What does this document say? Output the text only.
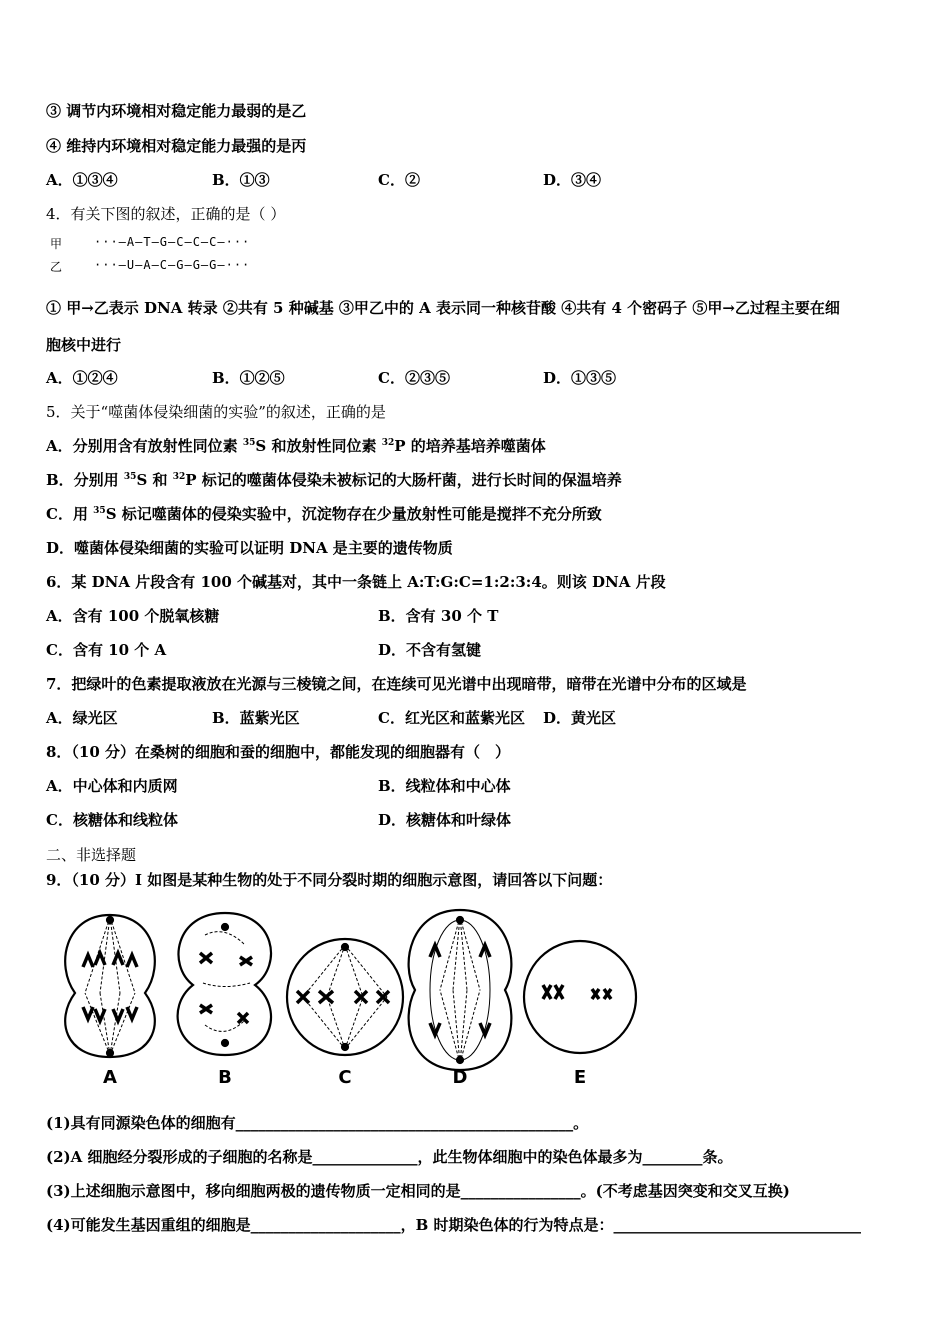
③ 调节内环境相对稳定能力最弱的是乙
④ 维持内环境相对稳定能力最强的是丙
A．①③④	B．①③	C．②	D．③④
4．有关下图的叙述，正确的是（ ）
甲	···—A—T—G—C—C—C—···
乙	···—U—A—C—G—G—G—···
① 甲→乙表示 DNA 转录 ②共有 5 种碱基 ③甲乙中的 A 表示同一种核苷酸 ④共有 4 个密码子 ⑤甲→乙过程主要在细
胞核中进行
A．①②④	B．①②⑤	C．②③⑤	D．①③⑤
5．关于“噬菌体侵染细菌的实验”的叙述，正确的是
A．分别用含有放射性同位素 $^{35}$S 和放射性同位素 $^{32}$P 的培养基培养噬菌体
B．分别用 $^{35}$S 和 $^{32}$P 标记的噬菌体侵染未被标记的大肠杆菌，进行长时间的保温培养
C．用 $^{35}$S 标记噬菌体的侵染实验中，沉淀物存在少量放射性可能是搅拌不充分所致
D．噬菌体侵染细菌的实验可以证明 DNA 是主要的遗传物质
6．某 DNA 片段含有 100 个碱基对，其中一条链上 A:T:G:C=1:2:3:4。则该 DNA 片段
A．含有 100 个脱氧核糖	B．含有 30 个 T
C．含有 10 个 A	D．不含有氢键
7．把绿叶的色素提取液放在光源与三棱镜之间，在连续可见光谱中出现暗带，暗带在光谱中分布的区域是
A．绿光区	B．蓝紫光区	C．红光区和蓝紫光区 D．黄光区
8．（10 分）在桑树的细胞和蚕的细胞中，都能发现的细胞器有（　）
A．中心体和内质网	B．线粒体和中心体
C．核糖体和线粒体	D．核糖体和叶绿体
二、非选择题
9．（10 分）I 如图是某种生物的处于不同分裂时期的细胞示意图，请回答以下问题：
A	B	C	D	E
(1)具有同源染色体的细胞有_____________________________________________。
(2)A 细胞经分裂形成的子细胞的名称是______________，此生物体细胞中的染色体最多为________条。
(3)上述细胞示意图中，移向细胞两极的遗传物质一定相同的是________________。(不考虑基因突变和交叉互换)
(4)可能发生基因重组的细胞是____________________，B 时期染色体的行为特点是：_________________________________
